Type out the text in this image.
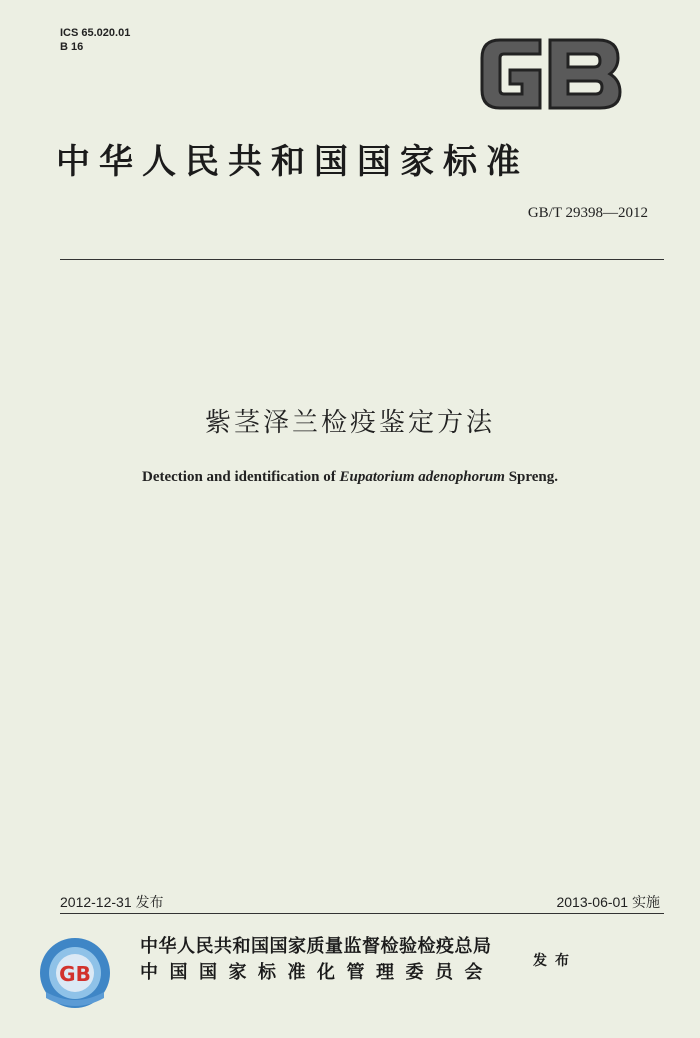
ICS 65.020.01
B 16
中华人民共和国国家标准
GB/T 29398—2012
紫茎泽兰检疫鉴定方法
Detection and identification of Eupatorium adenophorum Spreng.
2012-12-31 发布	2013-06-01 实施
GB
中华人民共和国国家质量监督检验检疫总局
中国国家标准化管理委员会
发布
